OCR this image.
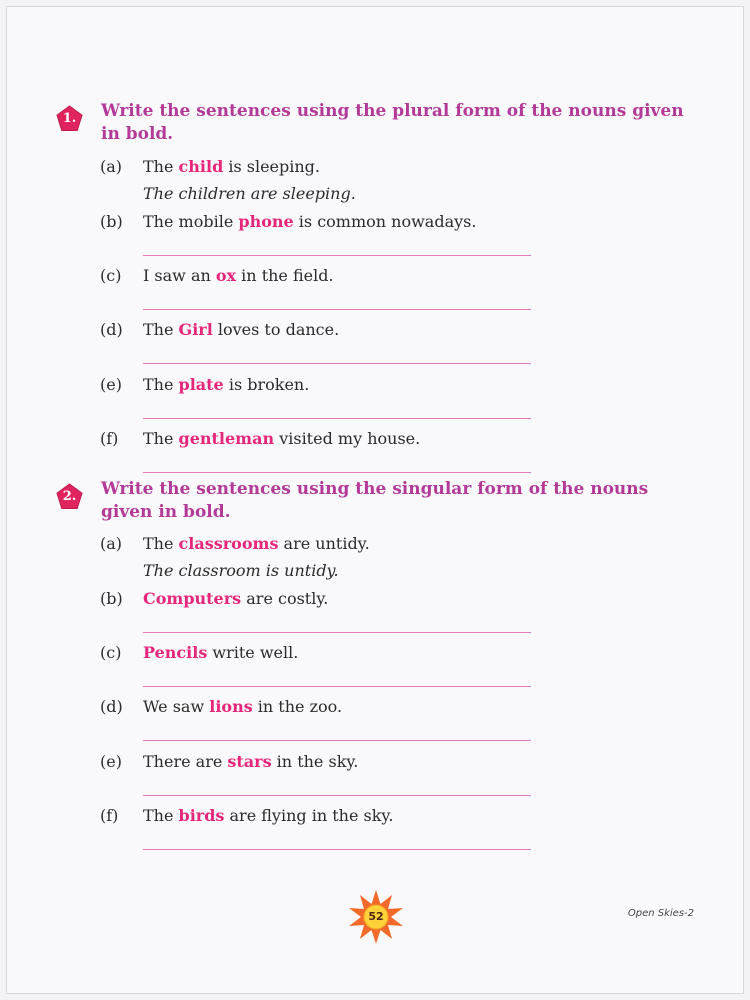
1.	Write the sentences using the plural form of the nouns given in bold.
(a) The child is sleeping.
The children are sleeping.
(b) The mobile phone is common nowadays.
(c) I saw an ox in the field.
(d) The Girl loves to dance.
(e) The plate is broken.
(f) The gentleman visited my house.
2.	Write the sentences using the singular form of the nouns given in bold.
(a) The classrooms are untidy.
The classroom is untidy.
(b) Computers are costly.
(c) Pencils write well.
(d) We saw lions in the zoo.
(e) There are stars in the sky.
(f) The birds are flying in the sky.
52	Open Skies-2
